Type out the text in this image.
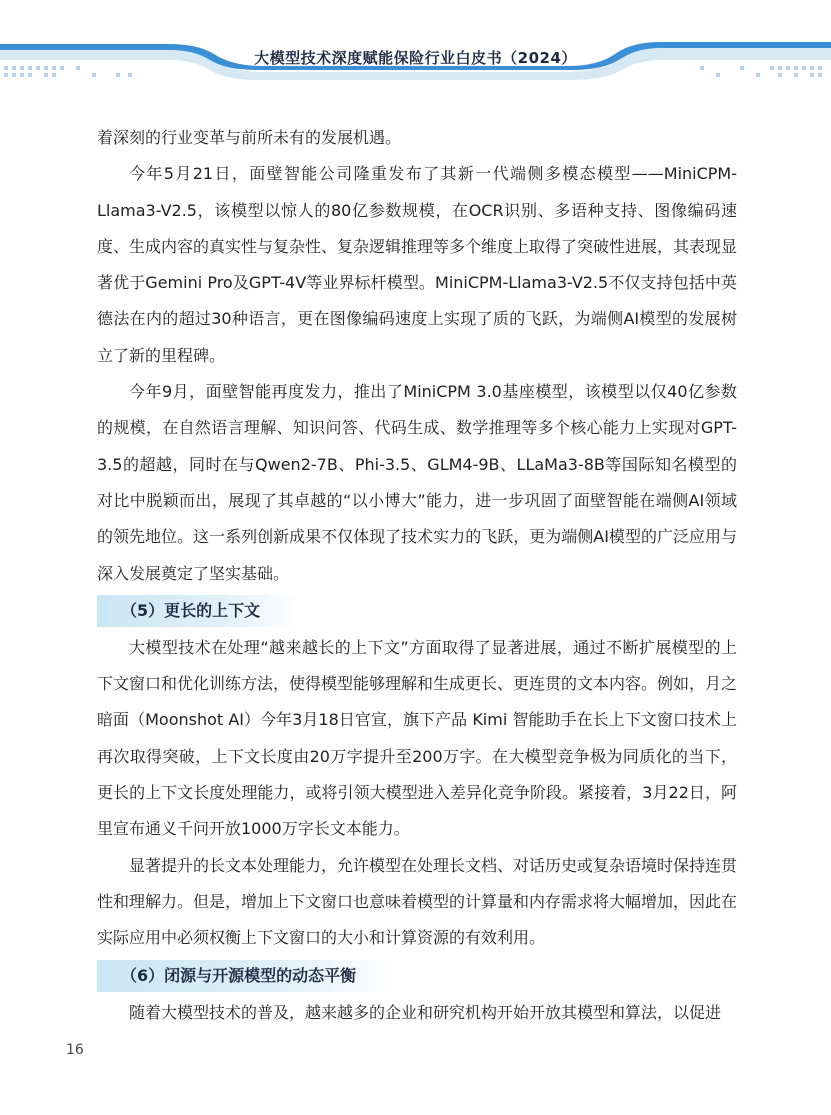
大模型技术深度赋能保险行业白皮书（2024）

着深刻的行业变革与前所未有的发展机遇。

今年5月21日，面壁智能公司隆重发布了其新一代端侧多模态模型——MiniCPM-Llama3-V2.5，该模型以惊人的80亿参数规模，在OCR识别、多语种支持、图像编码速度、生成内容的真实性与复杂性、复杂逻辑推理等多个维度上取得了突破性进展，其表现显著优于Gemini Pro及GPT-4V等业界标杆模型。MiniCPM-Llama3-V2.5不仅支持包括中英德法在内的超过30种语言，更在图像编码速度上实现了质的飞跃，为端侧AI模型的发展树立了新的里程碑。

今年9月，面壁智能再度发力，推出了MiniCPM 3.0基座模型，该模型以仅40亿参数的规模，在自然语言理解、知识问答、代码生成、数学推理等多个核心能力上实现对GPT-3.5的超越，同时在与Qwen2-7B、Phi-3.5、GLM4-9B、LLaMa3-8B等国际知名模型的对比中脱颖而出，展现了其卓越的“以小博大”能力，进一步巩固了面壁智能在端侧AI领域的领先地位。这一系列创新成果不仅体现了技术实力的飞跃，更为端侧AI模型的广泛应用与深入发展奠定了坚实基础。

（5）更长的上下文

大模型技术在处理“越来越长的上下文”方面取得了显著进展，通过不断扩展模型的上下文窗口和优化训练方法，使得模型能够理解和生成更长、更连贯的文本内容。例如，月之暗面（Moonshot AI）今年3月18日官宣，旗下产品 Kimi 智能助手在长上下文窗口技术上再次取得突破，上下文长度由20万字提升至200万字。在大模型竞争极为同质化的当下，更长的上下文长度处理能力，或将引领大模型进入差异化竞争阶段。紧接着，3月22日，阿里宣布通义千问开放1000万字长文本能力。

显著提升的长文本处理能力，允许模型在处理长文档、对话历史或复杂语境时保持连贯性和理解力。但是，增加上下文窗口也意味着模型的计算量和内存需求将大幅增加，因此在实际应用中必须权衡上下文窗口的大小和计算资源的有效利用。

（6）闭源与开源模型的动态平衡

随着大模型技术的普及，越来越多的企业和研究机构开始开放其模型和算法，以促进

16
